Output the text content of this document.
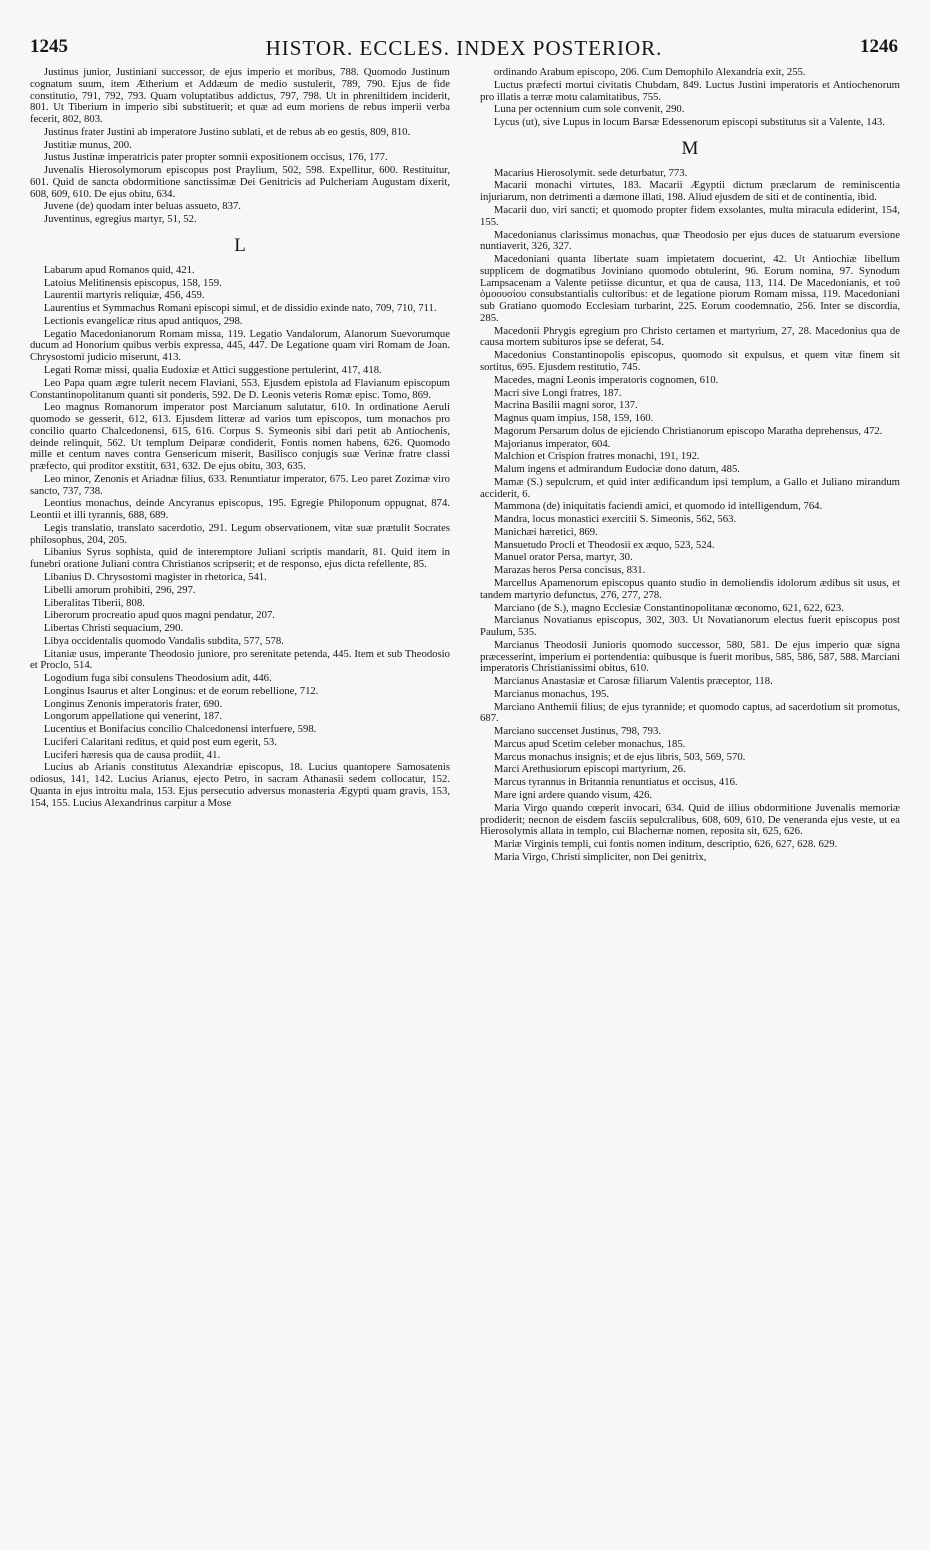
1245	HISTOR. ECCLES. INDEX POSTERIOR.	1246

Justinus junior, Justiniani successor, de ejus imperio et moribus, 788. Quomodo Justinum cognatum suum, item Ætherium et Addæum de medio sustulerit, 789, 790. Ejus de fide constitutio, 791, 792, 793. Quam voluptatibus addictus, 797, 798. Ut in phreniltidem inciderit, 801. Ut Tiberium in imperio sibi substituerit; et quæ ad eum moriens de rebus imperii verba fecerit, 802, 803.

Justinus frater Justini ab imperatore Justino sublati, et de rebus ab eo gestis, 809, 810.

Justitiæ munus, 200.

Justus Justinæ imperatricis pater propter somnii expositionem occisus, 176, 177.

Juvenalis Hierosolymorum episcopus post Praylium, 502, 598. Expellitur, 600. Restituitur, 601. Quid de sancta obdormitione sanctissimæ Dei Genitricis ad Pulcheriam Augustam dixerit, 608, 609, 610. De ejus obitu, 634.

Juvene (de) quodam inter beluas assueto, 837.

Juventinus, egregius martyr, 51, 52.

L

Labarum apud Romanos quid, 421.

Latoius Melitinensis episcopus, 158, 159.

Laurentii martyris reliquiæ, 456, 459.

Laurentius et Symmachus Romani episcopi simul, et de dissidio exinde nato, 709, 710, 711.

Lectionis evangelicæ ritus apud antiquos, 298.

Legatio Macedonianorum Romam missa, 119. Legatio Vandalorum, Alanorum Suevorumque ducum ad Honorium quibus verbis expressa, 445, 447. De Legatione quam viri Romam de Joan. Chrysostomi judicio miserunt, 413.

Legati Romæ missi, qualia Eudoxiæ et Attici suggestione pertulerint, 417, 418.

Leo Papa quam ægre tulerit necem Flaviani, 553. Ejusdem epistola ad Flavianum episcopum Constantinopolitanum quanti sit ponderis, 592. De D. Leonis veteris Romæ episc. Tomo, 869.

Leo magnus Romanorum imperator post Marcianum salutatur, 610. In ordinatione Aeruli quomodo se gesserit, 612, 613. Ejusdem litteræ ad varios tum episcopos, tum monachos pro concilio quarto Chalcedonensi, 615, 616. Corpus S. Symeonis sibi dari petit ab Antiochenis, deinde relinquit, 562. Ut templum Deiparæ condiderit, Fontis nomen habens, 626. Quomodo mille et centum naves contra Gensericum miserit, Basilisco conjugis suæ Verinæ fratre classi præfecto, qui proditor exstitit, 631, 632. De ejus obitu, 303, 635.

Leo minor, Zenonis et Ariadnæ filius, 633. Renuntiatur imperator, 675. Leo paret Zozimæ viro sancto, 737, 738.

Leontius monachus, deinde Ancyranus episcopus, 195. Egregie Philoponum oppugnat, 874. Leontii et illi tyrannis, 688, 689.

Legis translatio, translato sacerdotio, 291. Legum observationem, vitæ suæ prætulit Socrates philosophus, 204, 205.

Libanius Syrus sophista, quid de interemptore Juliani scriptis mandarit, 81. Quid item in funebri oratione Juliani contra Christianos scripserit; et de responso, ejus dicta refellente, 85.

Libanius D. Chrysostomi magister in rhetorica, 541.

Libelli amorum prohibiti, 296, 297.

Liberalitas Tiberii, 808.

Liberorum procreatio apud quos magni pendatur, 207.

Libertas Christi sequacium, 290.

Libya occidentalis quomodo Vandalis subdita, 577, 578.

Litaniæ usus, imperante Theodosio juniore, pro serenitate petenda, 445. Item et sub Theodosio et Proclo, 514.

Logodium fuga sibi consulens Theodosium adit, 446.

Longinus Isaurus et alter Longinus: et de eorum rebellione, 712.

Longinus Zenonis imperatoris frater, 690.

Longorum appellatione qui venerint, 187.

Lucentius et Bonifacius concilio Chalcedonensi interfuere, 598.

Luciferi Calaritani reditus, et quid post eum egerit, 53.

Luciferi hæresis qua de causa prodiit, 41.

Lucius ab Arianis constitutus Alexandriæ episcopus, 18. Lucius quantopere Samosatenis odiosus, 141, 142. Lucius Arianus, ejecto Petro, in sacram Athanasii sedem collocatur, 152. Quanta in ejus introitu mala, 153. Ejus persecutio adversus monasteria Ægypti quam gravis, 153, 154, 155. Lucius Alexandrinus carpitur a Mose

ordinando Arabum episcopo, 206. Cum Demophilo Alexandria exit, 255.

Luctus præfecti mortui civitatis Chubdam, 849. Luctus Justini imperatoris et Antiochenorum pro illatis a terræ motu calamitatibus, 755.

Luna per octennium cum sole convenit, 290.

Lycus (ut), sive Lupus in locum Barsæ Edessenorum episcopi substitutus sit a Valente, 143.

M

Macarius Hierosolymit. sede deturbatur, 773.

Macarii monachi virtutes, 183. Macarii Ægyptii dictum præclarum de reminiscentia injuriarum, non detrimenti a dæmone illati, 198. Aliud ejusdem de siti et de continentia, ibid.

Macarii duo, viri sancti; et quomodo propter fidem exsolantes, multa miracula ediderint, 154, 155.

Macedonianus clarissimus monachus, quæ Theodosio per ejus duces de statuarum eversione nuntiaverit, 326, 327.

Macedoniani quanta libertate suam impietatem docuerint, 42. Ut Antiochiæ libellum supplicem de dogmatibus Joviniano quomodo obtulerint, 96. Eorum nomina, 97. Synodum Lampsacenam a Valente petiisse dicuntur, et qua de causa, 113, 114. De Macedonianis, et τοῦ ὁμοουσίου consubstantialis cultoribus: et de legatione piorum Romam missa, 119. Macedoniani sub Gratiano quomodo Ecclesiam turbarint, 225. Eorum coodemnatio, 256. Inter se discordia, 285.

Macedonii Phrygis egregium pro Christo certamen et martyrium, 27, 28. Macedonius qua de causa mortem subituros ipse se deferat, 54.

Macedonius Constantinopolis episcopus, quomodo sit expulsus, et quem vitæ finem sit sortitus, 695. Ejusdem restitutio, 745.

Macedes, magni Leonis imperatoris cognomen, 610.

Macri sive Longi fratres, 187.

Macrina Basilii magni soror, 137.

Magnus quam impius, 158, 159, 160.

Magorum Persarum dolus de ejiciendo Christianorum episcopo Maratha deprehensus, 472.

Majorianus imperator, 604.

Malchion et Crispion fratres monachi, 191, 192.

Malum ingens et admirandum Eudociæ dono datum, 485.

Mamæ (S.) sepulcrum, et quid inter ædificandum ipsi templum, a Gallo et Juliano mirandum acciderit, 6.

Mammona (de) iniquitatis faciendi amici, et quomodo id intelligendum, 764.

Mandra, locus monastici exercitii S. Simeonis, 562, 563.

Manichæi hæretici, 869.

Mansuetudo Procli et Theodosii ex æquo, 523, 524.

Manuel orator Persa, martyr, 30.

Marazas heros Persa concisus, 831.

Marcellus Apamenorum episcopus quanto studio in demoliendis idolorum ædibus sit usus, et tandem martyrio defunctus, 276, 277, 278.

Marciano (de S.), magno Ecclesiæ Constantinopolitanæ œconomo, 621, 622, 623.

Marcianus Novatianus episcopus, 302, 303. Ut Novatianorum electus fuerit episcopus post Paulum, 535.

Marcianus Theodosii Junioris quomodo successor, 580, 581. De ejus imperio quæ signa præcesserint, imperium ei portendentia: quibusque is fuerit moribus, 585, 586, 587, 588. Marciani imperatoris Christianissimi obitus, 610.

Marcianus Anastasiæ et Carosæ filiarum Valentis præceptor, 118.

Marcianus monachus, 195.

Marciano Anthemii filius; de ejus tyrannide; et quomodo captus, ad sacerdotium sit promotus, 687.

Marciano succenset Justinus, 798, 793.

Marcus apud Scetim celeber monachus, 185.

Marcus monachus insignis; et de ejus libris, 503, 569, 570.

Marci Arethusiorum episcopi martyrium, 26.

Marcus tyrannus in Britannia renuntiatus et occisus, 416.

Mare igni ardere quando visum, 426.

Maria Virgo quando cœperit invocari, 634. Quid de illius obdormitione Juvenalis memoriæ prodiderit; necnon de eisdem fasciis sepulcralibus, 608, 609, 610. De veneranda ejus veste, ut ea Hierosolymis allata in templo, cui Blachernæ nomen, reposita sit, 625, 626.

Mariæ Virginis templi, cui fontis nomen inditum, descriptio, 626, 627, 628. 629.

Maria Virgo, Christi simpliciter, non Dei genitrix,
